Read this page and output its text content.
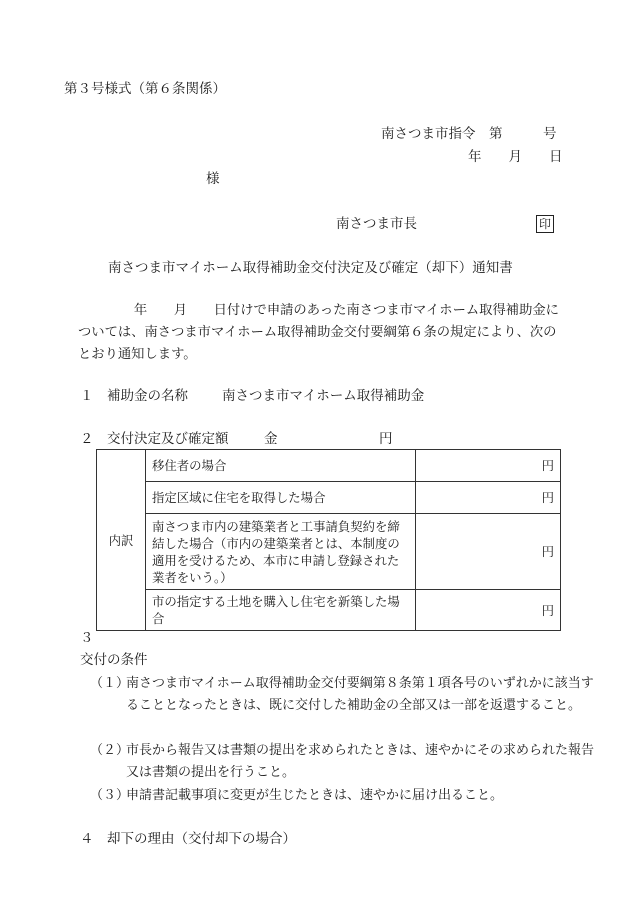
第３号様式（第６条関係）
南さつま市指令　第　　　号
年　　月　　日
様
南さつま市長	印
南さつま市マイホーム取得補助金交付決定及び確定（却下）通知書
年　　月　　日付けで申請のあった南さつま市マイホーム取得補助金については、南さつま市マイホーム取得補助金交付要綱第６条の規定により、次のとおり通知します。
１ 補助金の名称	南さつま市マイホーム取得補助金
２ 交付決定及び確定額	金	円
内訳	移住者の場合	円
	指定区域に住宅を取得した場合	円
	南さつま市内の建築業者と工事請負契約を締結した場合（市内の建築業者とは、本制度の適用を受けるため、本市に申請し登録された業者をいう。）	円
	市の指定する土地を購入し住宅を新築した場合	円
３
交付の条件
（１）南さつま市マイホーム取得補助金交付要綱第８条第１項各号のいずれかに該当することとなったときは、既に交付した補助金の全部又は一部を返還すること。
（２）市長から報告又は書類の提出を求められたときは、速やかにその求められた報告又は書類の提出を行うこと。
（３）申請書記載事項に変更が生じたときは、速やかに届け出ること。
４ 却下の理由（交付却下の場合）
